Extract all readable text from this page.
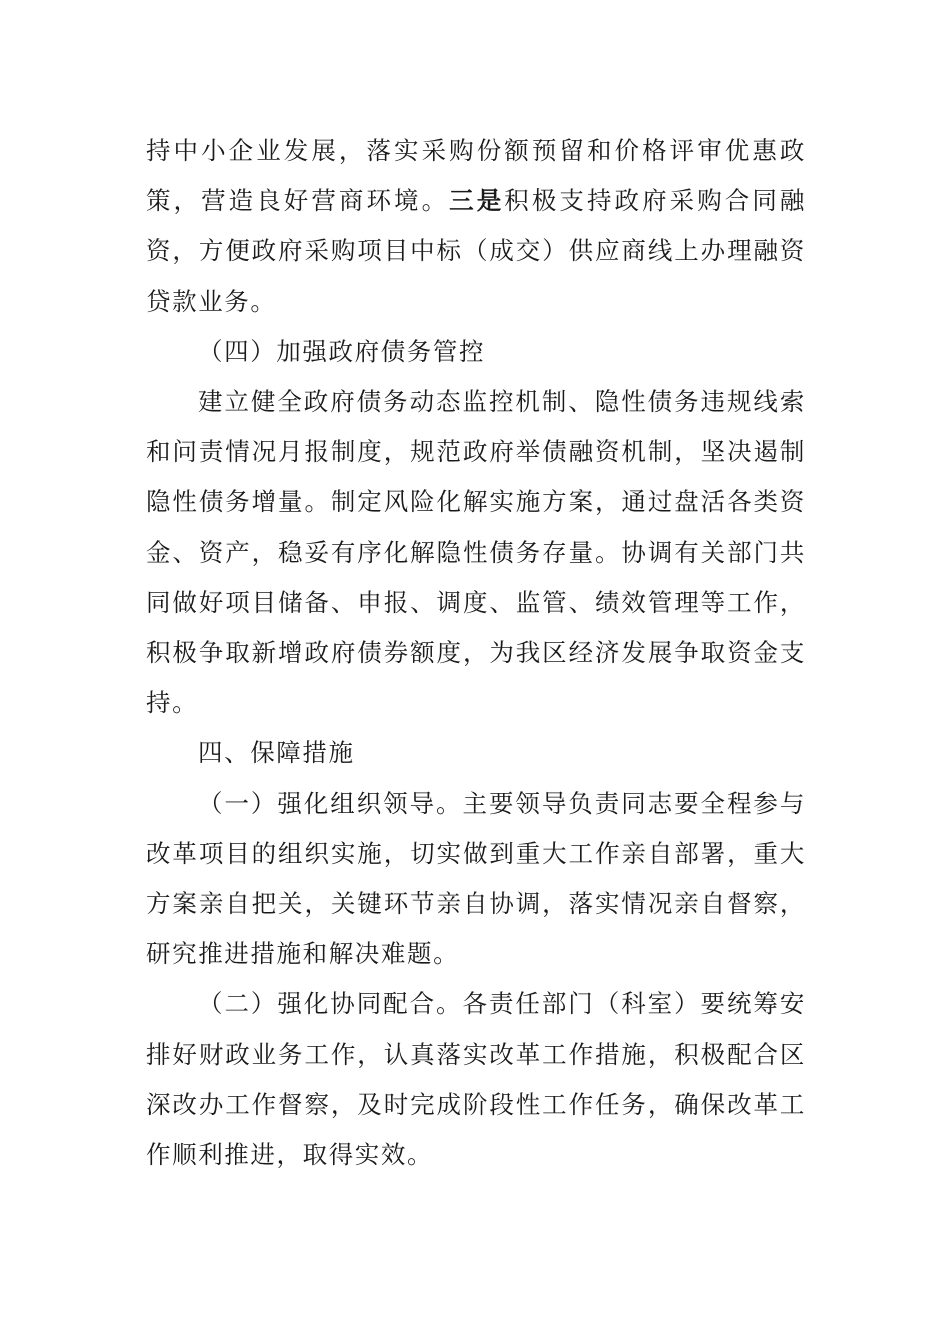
持中小企业发展，落实采购份额预留和价格评审优惠政策，营造良好营商环境。三是积极支持政府采购合同融资，方便政府采购项目中标（成交）供应商线上办理融资贷款业务。

（四）加强政府债务管控

建立健全政府债务动态监控机制、隐性债务违规线索和问责情况月报制度，规范政府举债融资机制，坚决遏制隐性债务增量。制定风险化解实施方案，通过盘活各类资金、资产，稳妥有序化解隐性债务存量。协调有关部门共同做好项目储备、申报、调度、监管、绩效管理等工作，积极争取新增政府债券额度，为我区经济发展争取资金支持。

四、保障措施

（一）强化组织领导。主要领导负责同志要全程参与改革项目的组织实施，切实做到重大工作亲自部署，重大方案亲自把关，关键环节亲自协调，落实情况亲自督察，研究推进措施和解决难题。

（二）强化协同配合。各责任部门（科室）要统筹安排好财政业务工作，认真落实改革工作措施，积极配合区深改办工作督察，及时完成阶段性工作任务，确保改革工作顺利推进，取得实效。
